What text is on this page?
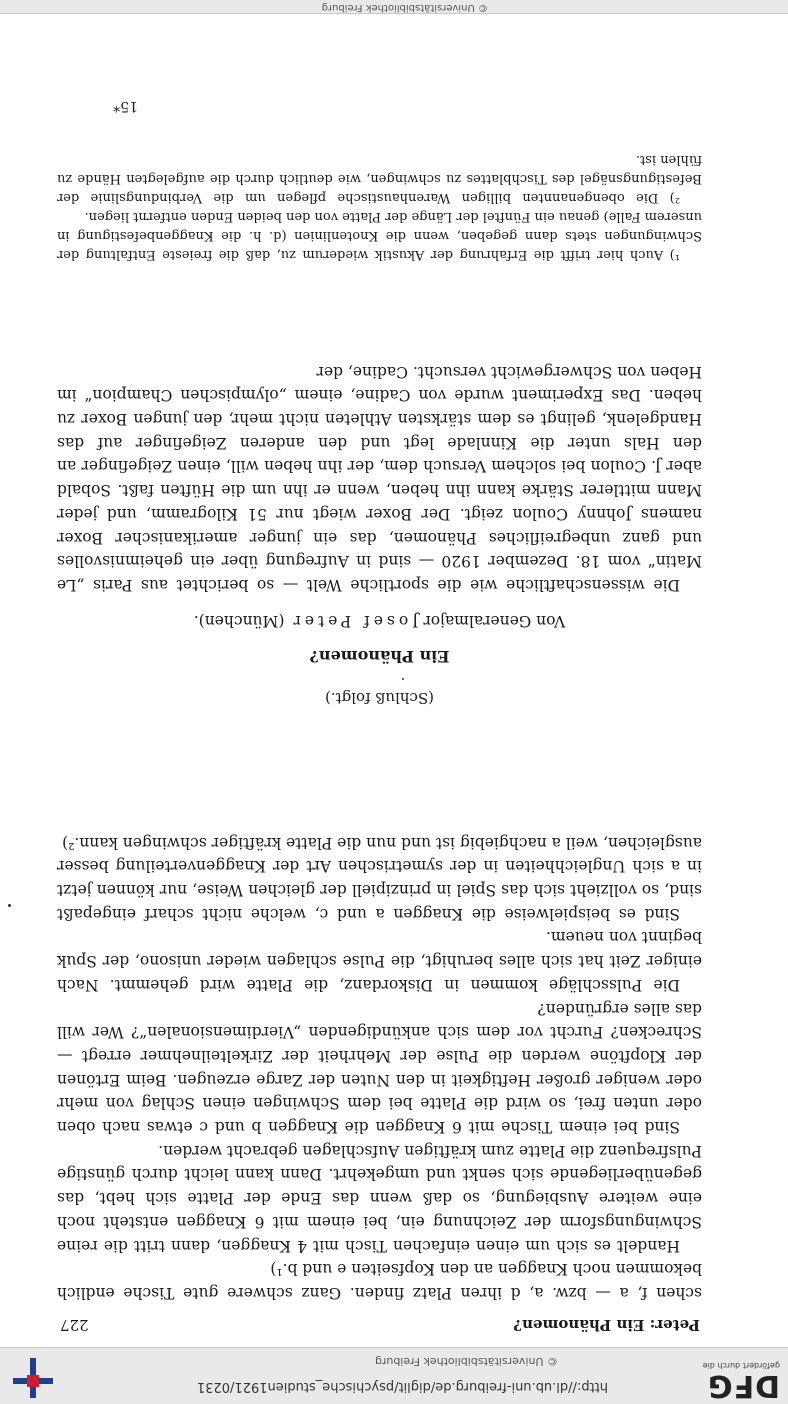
DFG
gefördert durch die
http://dl.ub.uni-freiburg.de/diglit/psychische_studien1921/0231
© Universitätsbibliothek Freiburg
© Universitätsbibliothek Freiburg
Peter: Ein Phänomen?
227

schen f, a — bzw. a, d ihren Platz finden. Ganz schwere gute Tische endlich bekommen noch Knaggen an den Kopfseiten e und b.¹)

Handelt es sich um einen einfachen Tisch mit 4 Knaggen, dann tritt die reine Schwingungsform der Zeichnung ein, bei einem mit 6 Knaggen entsteht noch eine weitere Ausbiegung, so daß wenn das Ende der Platte sich hebt, das gegenüberliegende sich senkt und umgekehrt. Dann kann leicht durch günstige Pulsfrequenz die Platte zum kräftigen Aufschlagen gebracht werden.

Sind bei einem Tische mit 6 Knaggen die Knaggen b und c etwas nach oben oder unten frei, so wird die Platte bei dem Schwingen einen Schlag von mehr oder weniger großer Heftigkeit in den Nuten der Zarge erzeugen. Beim Ertönen der Klopftöne werden die Pulse der Mehrheit der Zirkelteilnehmer erregt — Schrecken? Furcht vor dem sich ankündigenden „Vierdimensionalen“? Wer will das alles ergründen?

Die Pulsschläge kommen in Diskordanz, die Platte wird gehemmt. Nach einiger Zeit hat sich alles beruhigt, die Pulse schlagen wieder unisono, der Spuk beginnt von neuem.

Sind es beispielweise die Knaggen a und c, welche nicht scharf eingepaßt sind, so vollzieht sich das Spiel in prinzipiell der gleichen Weise, nur können jetzt in a sich Ungleichheiten in der symetrischen Art der Knaggenverteilung besser ausgleichen, weil a nachgiebig ist und nun die Platte kräftiger schwingen kann.²)

(Schluß folgt.)
Ein Phänomen?
Von Generalmajor Josef Peter (München).

Die wissenschaftliche wie die sportliche Welt — so berichtet aus Paris „Le Matin“ vom 18. Dezember 1920 — sind in Aufregung über ein geheimnisvolles und ganz unbegreifliches Phänomen, das ein junger amerikanischer Boxer namens Johnny Coulon zeigt. Der Boxer wiegt nur 51 Kilogramm, und jeder Mann mittlerer Stärke kann ihn heben, wenn er ihn um die Hüften faßt. Sobald aber J. Coulon bei solchem Versuch dem, der ihn heben will, einen Zeigefinger an den Hals unter die Kinnlade legt und den anderen Zeigefinger auf das Handgelenk, gelingt es dem stärksten Athleten nicht mehr, den jungen Boxer zu heben. Das Experiment wurde von Cadine, einem „olympischen Champion“ im Heben von Schwergewicht versucht. Cadine, der

¹) Auch hier trifft die Erfahrung der Akustik wiederum zu, daß die freieste Entfaltung der Schwingungen stets dann gegeben, wenn die Knotenlinien (d. h. die Knaggenbefestigung in unserem Falle) genau ein Fünftel der Länge der Platte von den beiden Enden entfernt liegen.

²) Die obengenannten billigen Warenhaustische pflegen um die Verbindungslinie der Befestigungsnägel des Tischblattes zu schwingen, wie deutlich durch die aufgelegten Hände zu fühlen ist.

15*
